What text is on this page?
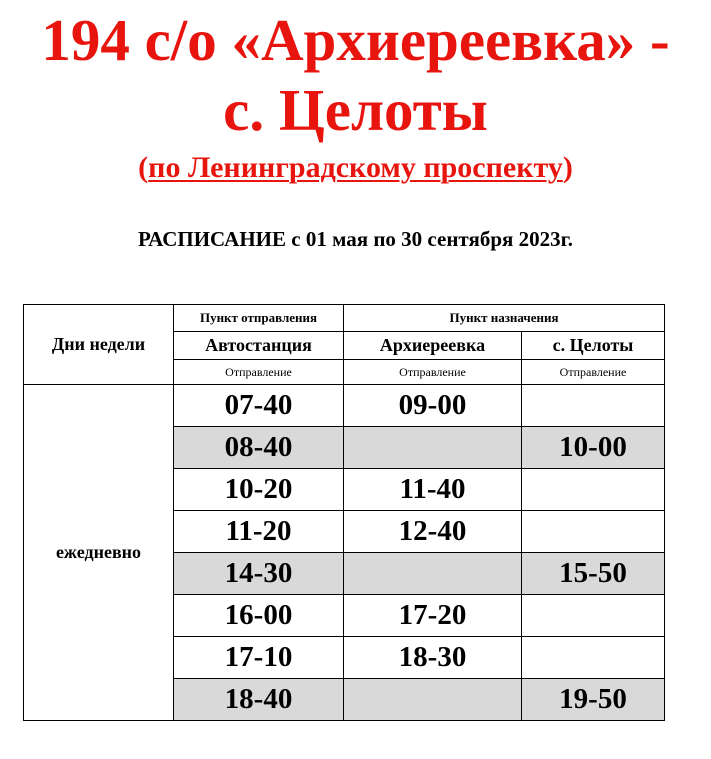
194 с/о «Архиереевка» -
с. Целоты
(по Ленинградскому проспекту)
РАСПИСАНИЕ с 01 мая по 30 сентября 2023г.
Дни недели	Пункт отправления	Пункт назначения	
	Автостанция	Архиереевка	с. Целоты
	Отправление	Отправление	Отправление
ежедневно	07-40	09-00	
	08-40		10-00
	10-20	11-40	
	11-20	12-40	
	14-30		15-50
	16-00	17-20	
	17-10	18-30	
	18-40		19-50
